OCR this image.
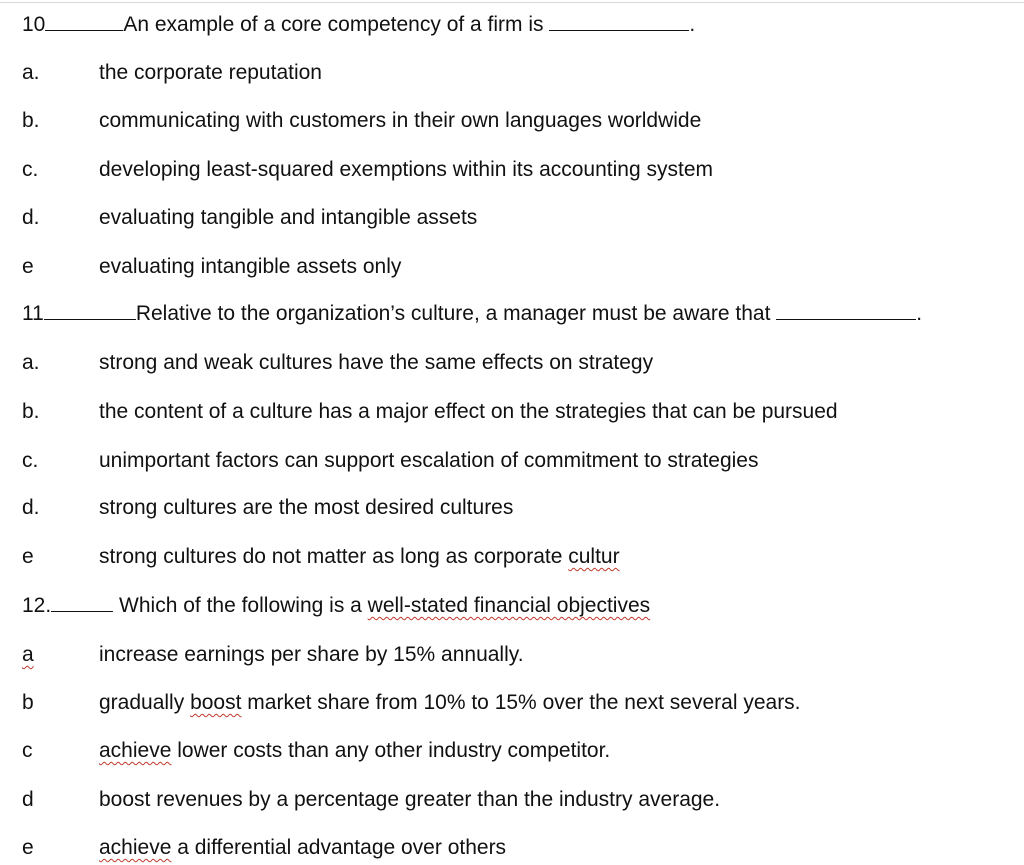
10	An example of a core competency of a firm is	.
a.	the corporate reputation
b.	communicating with customers in their own languages worldwide
c.	developing least-squared exemptions within its accounting system
d.	evaluating tangible and intangible assets
e	evaluating intangible assets only
11	Relative to the organization’s culture, a manager must be aware that	.
a.	strong and weak cultures have the same effects on strategy
b.	the content of a culture has a major effect on the strategies that can be pursued
c.	unimportant factors can support escalation of commitment to strategies
d.	strong cultures are the most desired cultures
e	strong cultures do not matter as long as corporate cultur
12.	Which of the following is a well-stated financial objectives
a	increase earnings per share by 15% annually.
b	gradually boost market share from 10% to 15% over the next several years.
c	achieve lower costs than any other industry competitor.
d	boost revenues by a percentage greater than the industry average.
e	achieve a differential advantage over others
